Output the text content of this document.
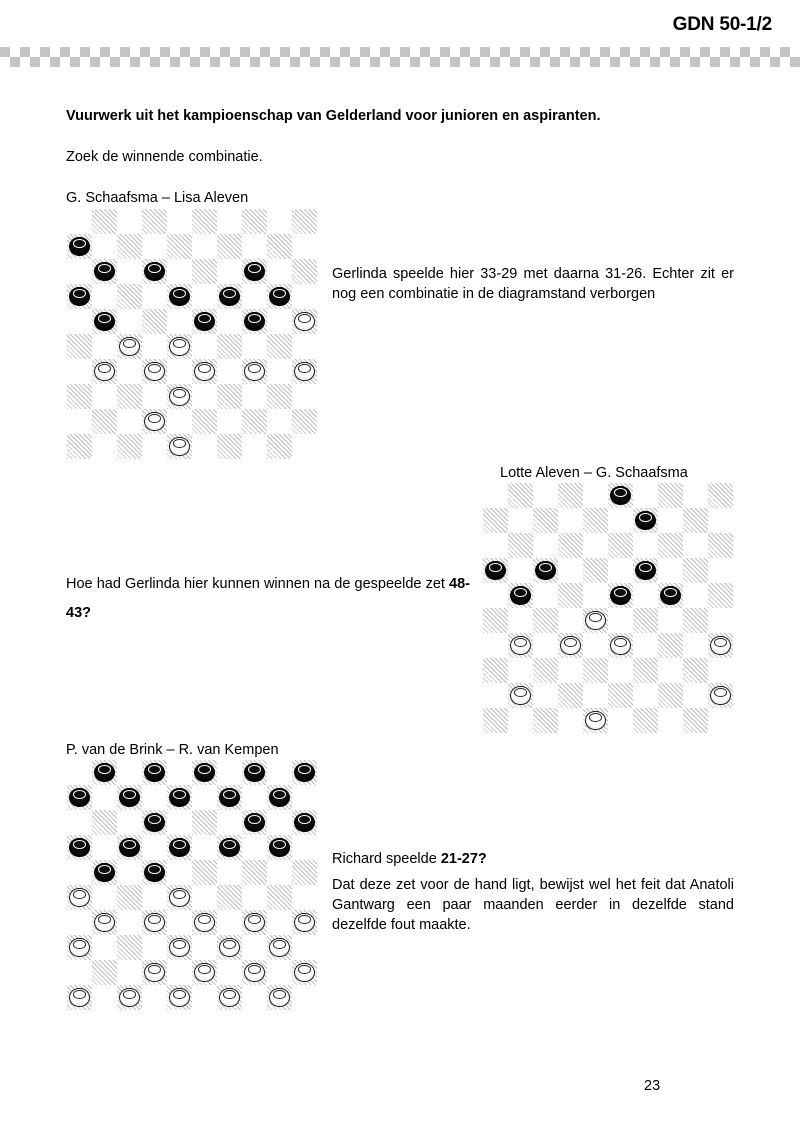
GDN 50-1/2
Vuurwerk uit het kampioenschap van Gelderland voor junioren en aspiranten.
Zoek de winnende combinatie.
G. Schaafsma – Lisa Aleven
Gerlinda speelde hier 33-29 met daarna 31-26. Echter zit er nog een combinatie in de diagramstand verborgen
Hoe had Gerlinda hier kunnen winnen na de gespeelde zet 48-43?
Lotte Aleven – G. Schaafsma
P. van de Brink – R. van Kempen
Richard speelde 21-27?
Dat deze zet voor de hand ligt, bewijst wel het feit dat Anatoli Gantwarg een paar maanden eerder in dezelfde stand dezelfde fout maakte.
23
